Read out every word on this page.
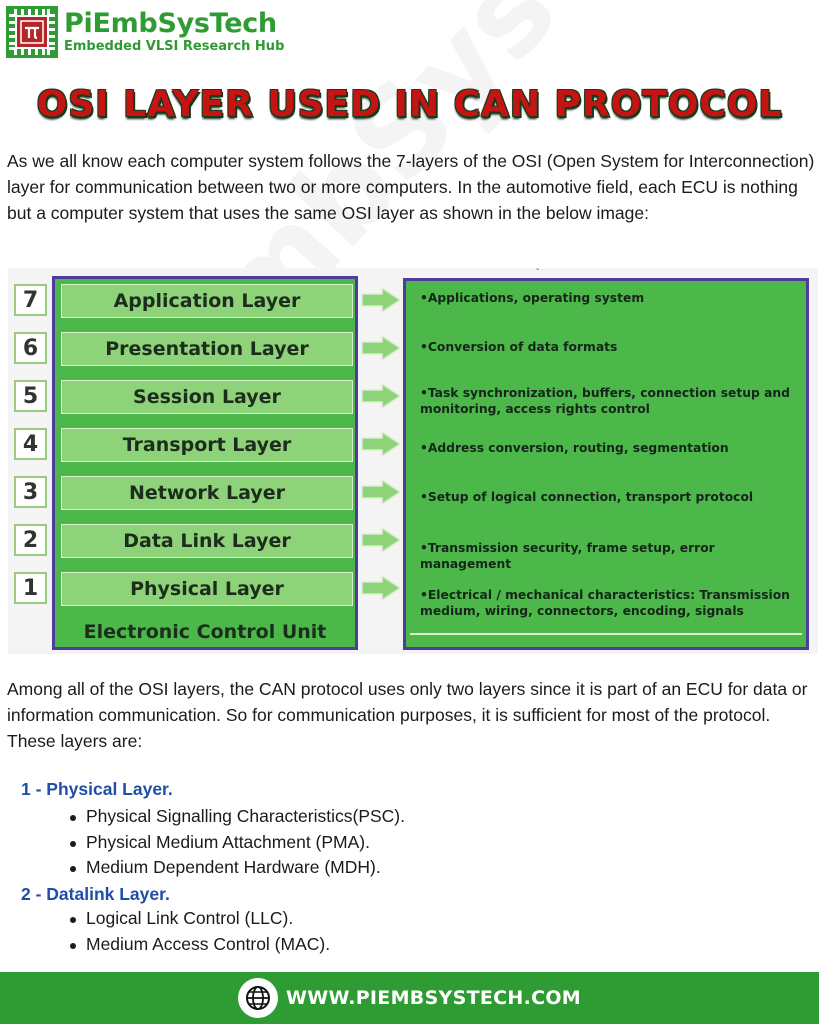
PiEmbSysTech
Embedded VLSI Research Hub
OSI LAYER USED IN CAN PROTOCOL

As we all know each computer system follows the 7-layers of the OSI (Open System for Interconnection) layer for communication between two or more computers. In the automotive field, each ECU is nothing but a computer system that uses the same OSI layer as shown in the below image:

-
7
6
5
4
3
2
1
Application Layer
Presentation Layer
Session Layer
Transport Layer
Network Layer
Data Link Layer
Physical Layer
Electronic Control Unit
•Applications, operating system
•Conversion of data formats
•Task synchronization, buffers, connection setup and monitoring, access rights control
•Address conversion, routing, segmentation
•Setup of logical connection, transport protocol
•Transmission security, frame setup, error management
•Electrical / mechanical characteristics: Transmission medium, wiring, connectors, encoding, signals

Among all of the OSI layers, the CAN protocol uses only two layers since it is part of an ECU for data or information communication. So for communication purposes, it is sufficient for most of the protocol. These layers are:

1 - Physical Layer.
Physical Signalling Characteristics(PSC).
Physical Medium Attachment (PMA).
Medium Dependent Hardware (MDH).
2 - Datalink Layer.
Logical Link Control (LLC).
Medium Access Control (MAC).
WWW.PIEMBSYSTECH.COM
